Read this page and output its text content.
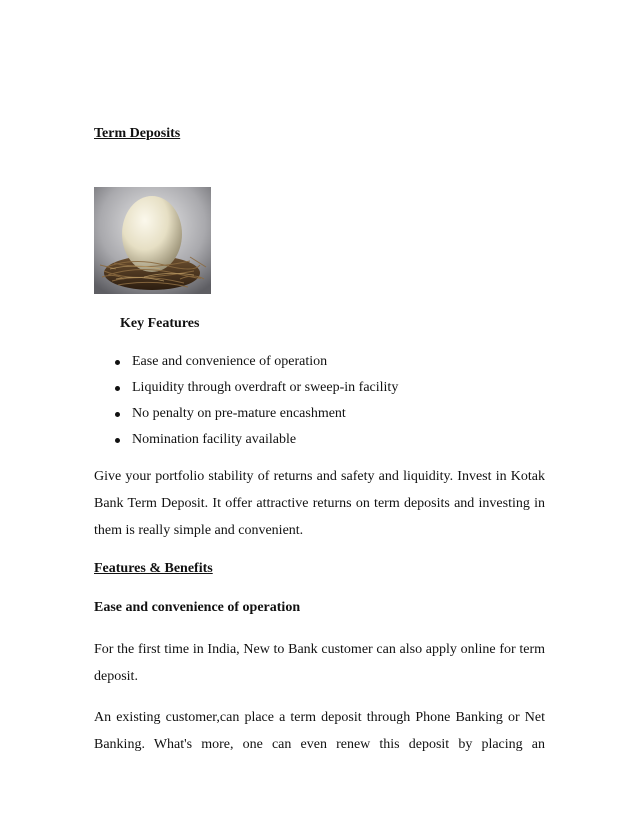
Term Deposits
Key Features
Ease and convenience of operation
Liquidity through overdraft or sweep-in facility
No penalty on pre-mature encashment
Nomination facility available

Give your portfolio stability of returns and safety and liquidity. Invest in Kotak Bank Term Deposit. It offer attractive returns on term deposits and investing in them is really simple and convenient.

Features & Benefits
Ease and convenience of operation

For the first time in India, New to Bank customer can also apply online for term deposit.

An existing customer,can place a term deposit through Phone Banking or Net Banking. What's more, one can even renew this deposit by placing an
